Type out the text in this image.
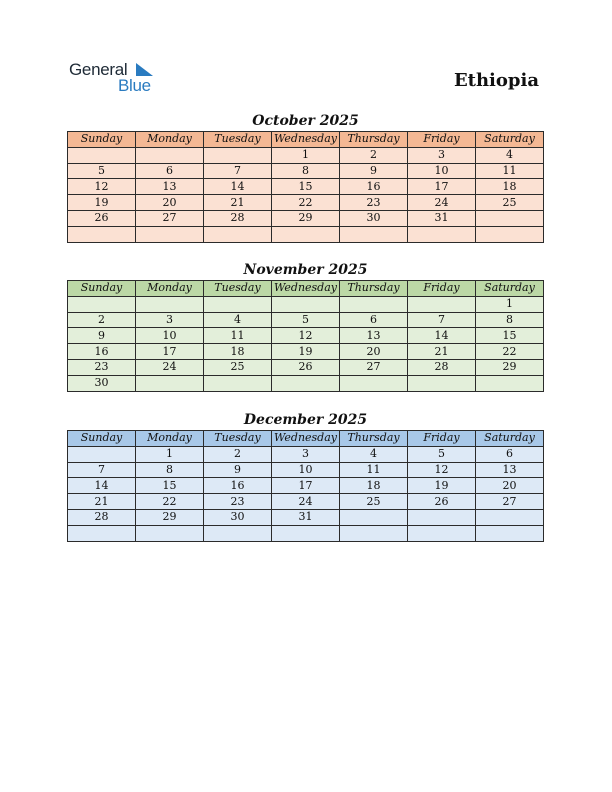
General
Blue	Ethiopia
October 2025
Sunday	Monday	Tuesday	Wednesday	Thursday	Friday	Saturday
			1	2	3	4
5	6	7	8	9	10	11
12	13	14	15	16	17	18
19	20	21	22	23	24	25
26	27	28	29	30	31	

November 2025
Sunday	Monday	Tuesday	Wednesday	Thursday	Friday	Saturday
						1
2	3	4	5	6	7	8
9	10	11	12	13	14	15
16	17	18	19	20	21	22
23	24	25	26	27	28	29
30						
December 2025
Sunday	Monday	Tuesday	Wednesday	Thursday	Friday	Saturday
	1	2	3	4	5	6
7	8	9	10	11	12	13
14	15	16	17	18	19	20
21	22	23	24	25	26	27
28	29	30	31			
